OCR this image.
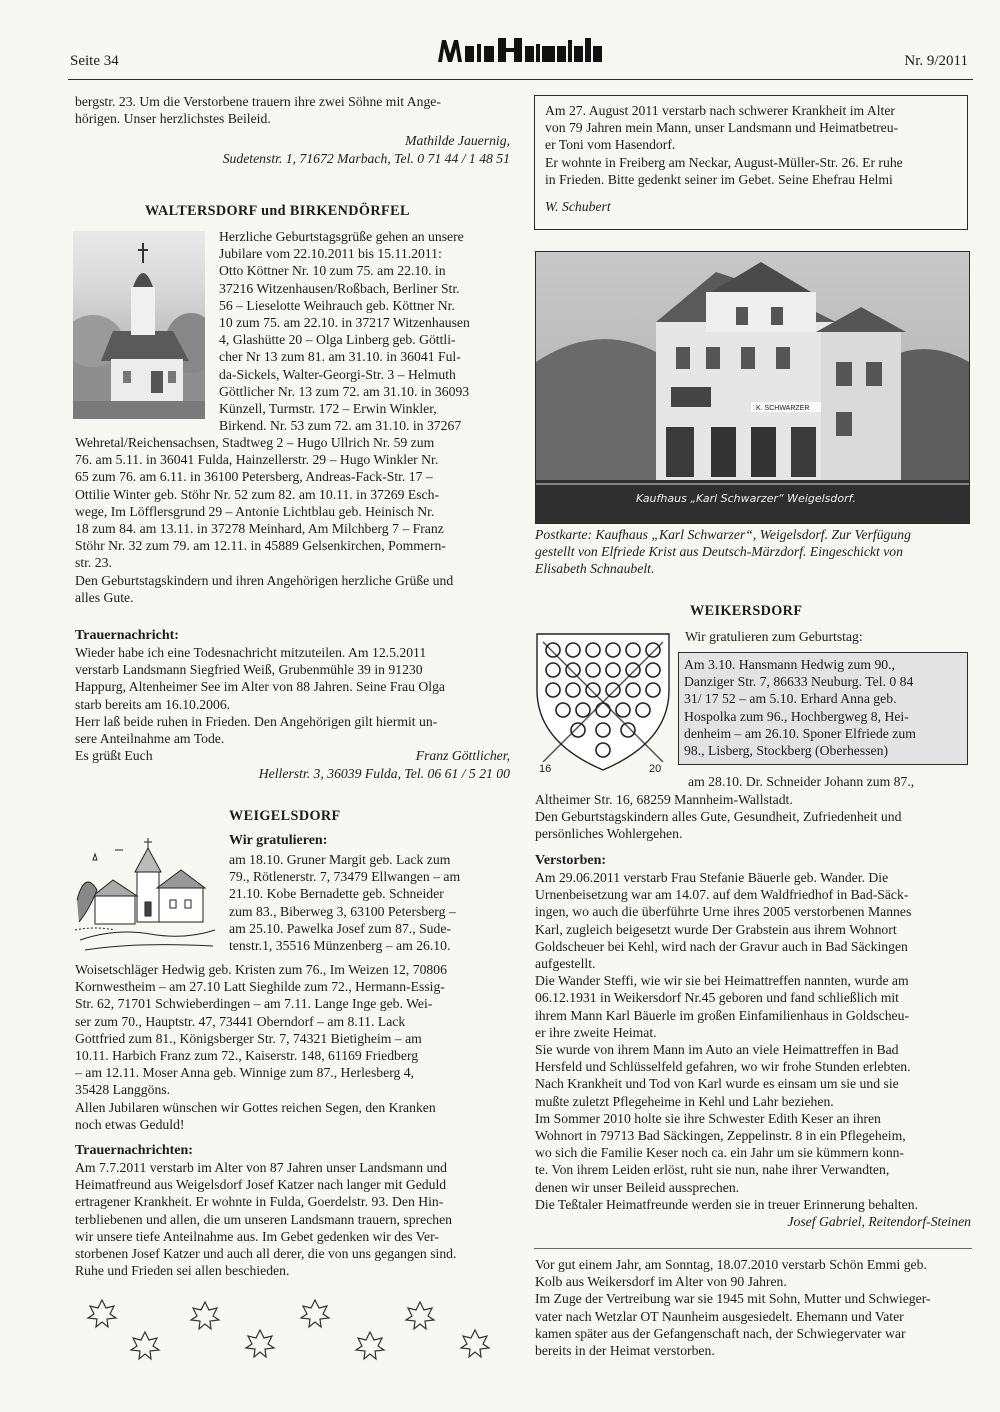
Seite 34	Nr. 9/2011

bergstr. 23. Um die Verstorbene trauern ihre zwei Söhne mit Ange-

hörigen. Unser herzlichstes Beileid.

Mathilde Jauernig,

Sudetenstr. 1, 71672 Marbach, Tel. 0 71 44 / 1 48 51

WALTERSDORF und BIRKENDÖRFEL

Herzliche Geburtstagsgrüße gehen an unsere

Jubilare vom 22.10.2011 bis 15.11.2011:

Otto Köttner Nr. 10 zum 75. am 22.10. in

37216 Witzenhausen/Roßbach, Berliner Str.

56 – Lieselotte Weihrauch geb. Köttner Nr.

10 zum 75. am 22.10. in 37217 Witzenhausen

4, Glashütte 20 – Olga Linberg geb. Göttli-

cher Nr 13 zum 81. am 31.10. in 36041 Ful-

da-Sickels, Walter-Georgi-Str. 3 – Helmuth

Göttlicher Nr. 13 zum 72. am 31.10. in 36093

Künzell, Turmstr. 172 – Erwin Winkler,

Birkend. Nr. 53 zum 72. am 31.10. in 37267

Wehretal/Reichensachsen, Stadtweg 2 – Hugo Ullrich Nr. 59 zum

76. am 5.11. in 36041 Fulda, Hainzellerstr. 29 – Hugo Winkler Nr.

65 zum 76. am 6.11. in 36100 Petersberg, Andreas-Fack-Str. 17 –

Ottilie Winter geb. Stöhr Nr. 52 zum 82. am 10.11. in 37269 Esch-

wege, Im Löfflersgrund 29 – Antonie Lichtblau geb. Heinisch Nr.

18 zum 84. am 13.11. in 37278 Meinhard, Am Milchberg 7 – Franz

Stöhr Nr. 32 zum 79. am 12.11. in 45889 Gelsenkirchen, Pommern-

str. 23.

Den Geburtstagskindern und ihren Angehörigen herzliche Grüße und

alles Gute.

Trauernachricht:

Wieder habe ich eine Todesnachricht mitzuteilen. Am 12.5.2011

verstarb Landsmann Siegfried Weiß, Grubenmühle 39 in 91230

Happurg, Altenheimer See im Alter von 88 Jahren. Seine Frau Olga

starb bereits am 16.10.2006.

Herr laß beide ruhen in Frieden. Den Angehörigen gilt hiermit un-

sere Anteilnahme am Tode.

Es grüßt Euch	Franz Göttlicher,

Hellerstr. 3, 36039 Fulda, Tel. 06 61 / 5 21 00

WEIGELSDORF
Wir gratulieren:

am 18.10. Gruner Margit geb. Lack zum

79., Rötlenerstr. 7, 73479 Ellwangen – am

21.10. Kobe Bernadette geb. Schneider

zum 83., Biberweg 3, 63100 Petersberg –

am 25.10. Pawelka Josef zum 87., Sude-

tenstr.1, 35516 Münzenberg – am 26.10.

Woisetschläger Hedwig geb. Kristen zum 76., Im Weizen 12, 70806

Kornwestheim – am 27.10 Latt Sieghilde zum 72., Hermann-Essig-

Str. 62, 71701 Schwieberdingen – am 7.11. Lange Inge geb. Wei-

ser zum 70., Hauptstr. 47, 73441 Oberndorf – am 8.11. Lack

Gottfried zum 81., Königsberger Str. 7, 74321 Bietigheim – am

10.11. Harbich Franz zum 72., Kaiserstr. 148, 61169 Friedberg

– am 12.11. Moser Anna geb. Winnige zum 87., Herlesberg 4,

35428 Langgöns.

Allen Jubilaren wünschen wir Gottes reichen Segen, den Kranken

noch etwas Geduld!

Trauernachrichten:

Am 7.7.2011 verstarb im Alter von 87 Jahren unser Landsmann und

Heimatfreund aus Weigelsdorf Josef Katzer nach langer mit Geduld

ertragener Krankheit. Er wohnte in Fulda, Goerdelstr. 93. Den Hin-

terbliebenen und allen, die um unseren Landsmann trauern, sprechen

wir unsere tiefe Anteilnahme aus. Im Gebet gedenken wir des Ver-

storbenen Josef Katzer und auch all derer, die von uns gegangen sind.

Ruhe und Frieden sei allen beschieden.

Am 27. August 2011 verstarb nach schwerer Krankheit im Alter

von 79 Jahren mein Mann, unser Landsmann und Heimatbetreu-

er Toni vom Hasendorf.

Er wohnte in Freiberg am Neckar, August-Müller-Str. 26. Er ruhe

in Frieden. Bitte gedenkt seiner im Gebet. Seine Ehefrau Helmi

W. Schubert

K. SCHWARZER
Kaufhaus „Karl Schwarzer“ Weigelsdorf.

Postkarte: Kaufhaus „Karl Schwarzer“, Weigelsdorf. Zur Verfügung

gestellt von Elfriede Krist aus Deutsch-Märzdorf. Eingeschickt von

Elisabeth Schnaubelt.

WEIKERSDORF
Wir gratulieren zum Geburtstag:
16	20

Am 3.10. Hansmann Hedwig zum 90.,

Danziger Str. 7, 86633 Neuburg. Tel. 0 84

31/ 17 52 – am 5.10. Erhard Anna geb.

Hospolka zum 96., Hochbergweg 8, Hei-

denheim – am 26.10. Sponer Elfriede zum

98., Lisberg, Stockberg (Oberhessen)

am 28.10. Dr. Schneider Johann zum 87.,

Altheimer Str. 16, 68259 Mannheim-Wallstadt.

Den Geburtstagskindern alles Gute, Gesundheit, Zufriedenheit und

persönliches Wohlergehen.

Verstorben:

Am 29.06.2011 verstarb Frau Stefanie Bäuerle geb. Wander. Die

Urnenbeisetzung war am 14.07. auf dem Waldfriedhof in Bad-Säck-

ingen, wo auch die überführte Urne ihres 2005 verstorbenen Mannes

Karl, zugleich beigesetzt wurde Der Grabstein aus ihrem Wohnort

Goldscheuer bei Kehl, wird nach der Gravur auch in Bad Säckingen

aufgestellt.

Die Wander Steffi, wie wir sie bei Heimattreffen nannten, wurde am

06.12.1931 in Weikersdorf Nr.45 geboren und fand schließlich mit

ihrem Mann Karl Bäuerle im großen Einfamilienhaus in Goldscheu-

er ihre zweite Heimat.

Sie wurde von ihrem Mann im Auto an viele Heimattreffen in Bad

Hersfeld und Schlüsselfeld gefahren, wo wir frohe Stunden erlebten.

Nach Krankheit und Tod von Karl wurde es einsam um sie und sie

mußte zuletzt Pflegeheime in Kehl und Lahr beziehen.

Im Sommer 2010 holte sie ihre Schwester Edith Keser an ihren

Wohnort in 79713 Bad Säckingen, Zeppelinstr. 8 in ein Pflegeheim,

wo sich die Familie Keser noch ca. ein Jahr um sie kümmern konn-

te. Von ihrem Leiden erlöst, ruht sie nun, nahe ihrer Verwandten,

denen wir unser Beileid aussprechen.

Die Teßtaler Heimatfreunde werden sie in treuer Erinnerung behalten.

Josef Gabriel, Reitendorf-Steinen

Vor gut einem Jahr, am Sonntag, 18.07.2010 verstarb Schön Emmi geb.

Kolb aus Weikersdorf im Alter von 90 Jahren.

Im Zuge der Vertreibung war sie 1945 mit Sohn, Mutter und Schwieger-

vater nach Wetzlar OT Naunheim ausgesiedelt. Ehemann und Vater

kamen später aus der Gefangenschaft nach, der Schwiegervater war

bereits in der Heimat verstorben.
